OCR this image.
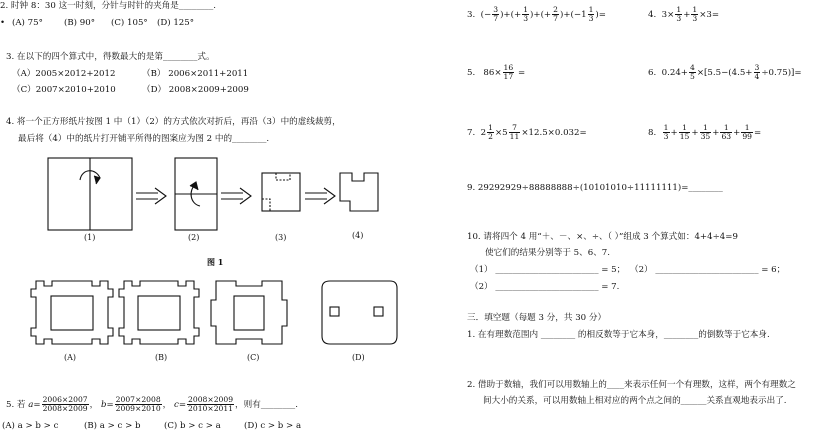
2. 时钟 8：30 这一时刻，分针与时针的夹角是________.
• (A) 75° (B) 90° (C) 105° (D) 125°
3. 在以下的四个算式中，得数最大的是第________式。
（A）2005×2012+2012	（B） 2006×2011+2011
（C）2007×2010+2010	（D） 2008×2009+2009
4. 将一个正方形纸片按图 1 中（1）（2）的方式依次对折后，再沿（3）中的虚线裁剪，
最后将（4）中的纸片打开铺平所得的图案应为图 2 中的________.
(1)	(2)	(3)	(4)
图 1
(A)	(B)	(C)	(D)
5. 若 $a= \frac{2006\times 2007}{2008\times 2009}$ ， $b= \frac{2007\times 2008}{2009\times 2010}$ ， $c= \frac{2008\times 2009}{2010\times 2011}$ ，则有________.
(A) a > b > c	(B) a > c > b	(C) b > c > a	(D) c > b > a
3.  (− $\frac{3}{7}$ )+(+ $\frac{1}{3}$ )+(+ $\frac{2}{7} )+(-1 \frac{1}{3}$ )=	4. $3\times \frac{1}{3} + \frac{1}{3} \times 3=$
5. $86\times \frac{16}{17}$ =	6. $0.24+ \frac{4}{5} \times[5.5-(4.5+ \frac{3}{4} \div 0.75)]=$
7. $2 \frac{1}{2} \times 5 \frac{7}{11} \times 12.5\times 0.032=$	8. $\frac{1}{3} + \frac{1}{15} + \frac{1}{35} + \frac{1}{63} + \frac{1}{99}$ =
9. 29292929÷88888888÷(10101010÷11111111)=________
10. 请将四个 4 用“＋、－、×、÷、（ ）”组成 3 个算式如：4+4÷4=9
使它们的结果分别等于 5、6、7.
（1） ________________________ = 5； （2） ________________________ = 6；
（2） ________________________ = 7.
三．填空题（每题 3 分，共 30 分）
1. 在有理数范围内 ________ 的相反数等于它本身，________的倒数等于它本身.
2. 借助于数轴，我们可以用数轴上的____来表示任何一个有理数，这样，两个有理数之
间大小的关系，可以用数轴上相对应的两个点之间的______关系直观地表示出了.
